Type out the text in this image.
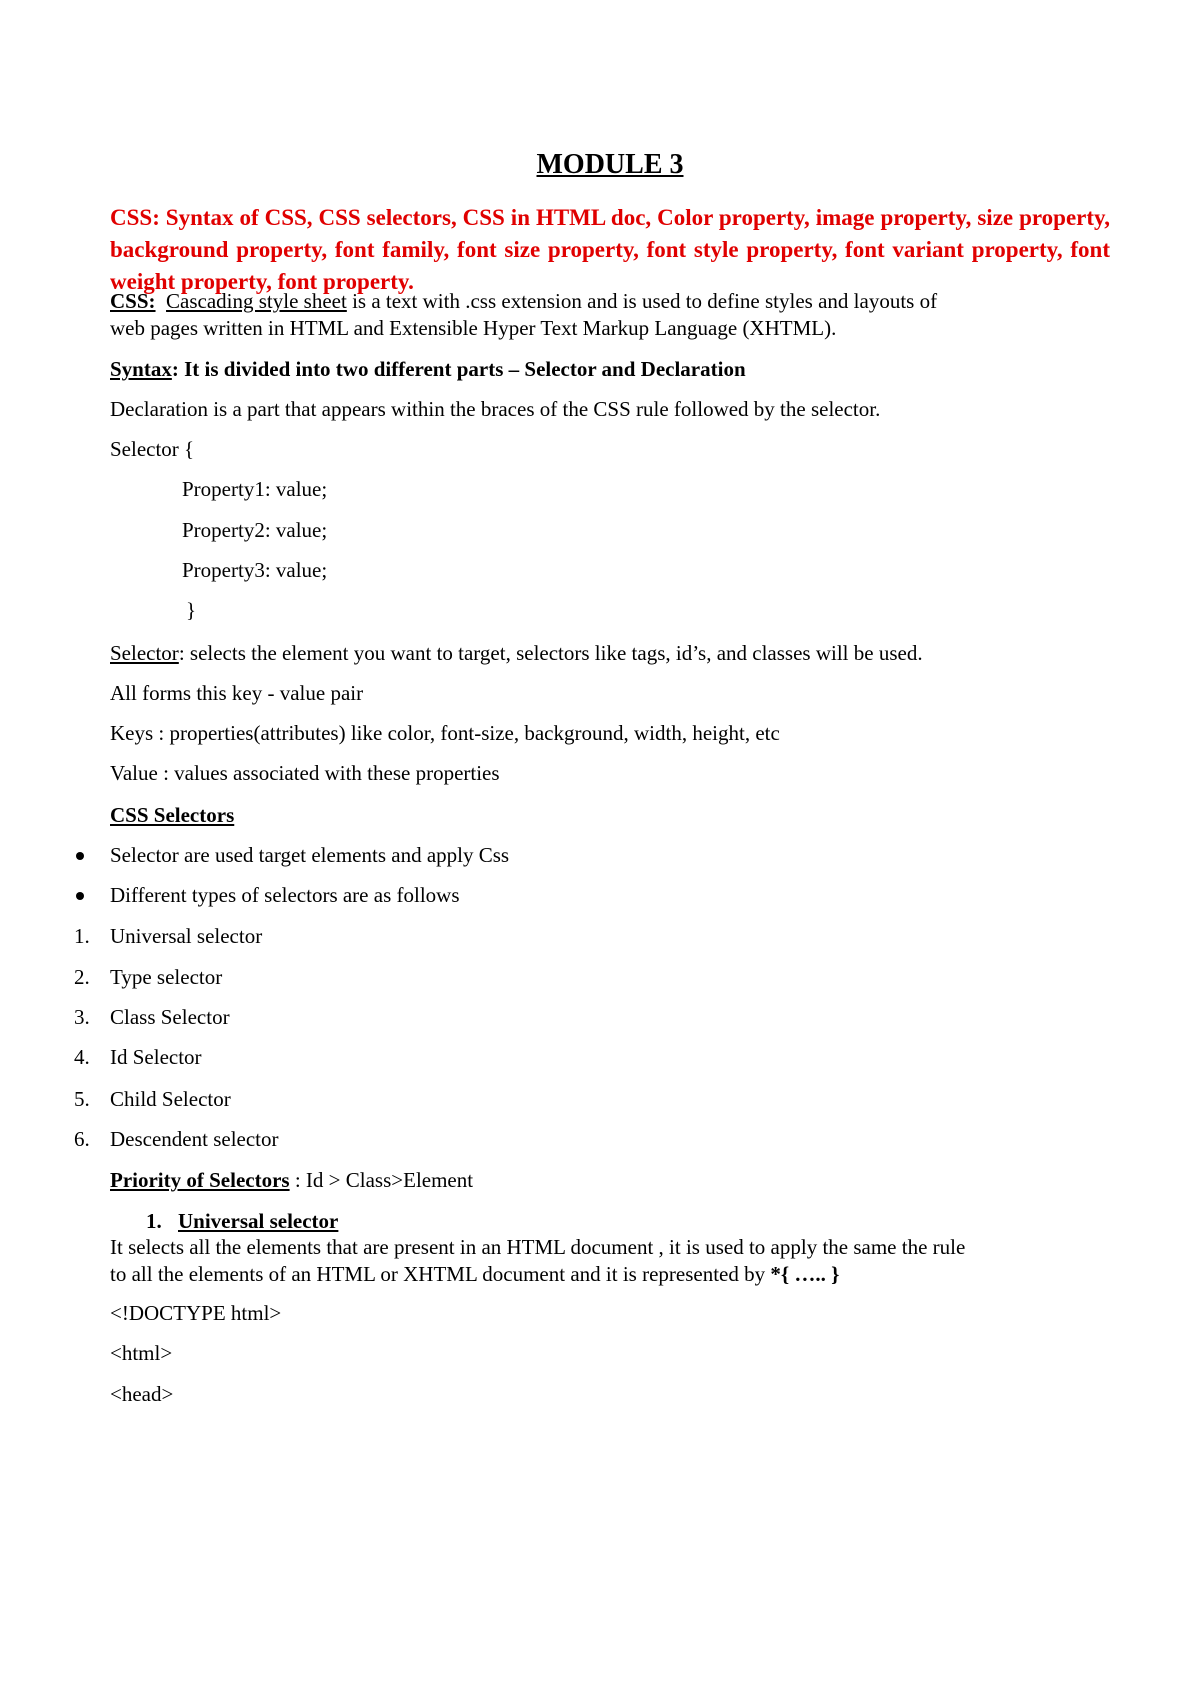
MODULE 3
CSS: Syntax of CSS, CSS selectors, CSS in HTML doc, Color property, image property, size property, background property, font family, font size property, font style property, font variant property, font weight property, font property.
CSS: Cascading style sheet is a text with .css extension and is used to define styles and layouts of
web pages written in HTML and Extensible Hyper Text Markup Language (XHTML).
Syntax: It is divided into two different parts – Selector and Declaration
Declaration is a part that appears within the braces of the CSS rule followed by the selector.
Selector {
Property1: value;
Property2: value;
Property3: value;
}
Selector: selects the element you want to target, selectors like tags, id’s, and classes will be used.
All forms this key - value pair
Keys : properties(attributes) like color, font-size, background, width, height, etc
Value : values associated with these properties
CSS Selectors
Selector are used target elements and apply Css
Different types of selectors are as follows
1. Universal selector
2. Type selector
3. Class Selector
4. Id Selector
5. Child Selector
6. Descendent selector
Priority of Selectors : Id > Class>Element
1. Universal selector
It selects all the elements that are present in an HTML document , it is used to apply the same the rule
to all the elements of an HTML or XHTML document and it is represented by *{ ….. }
<!DOCTYPE html>
<html>
<head>
